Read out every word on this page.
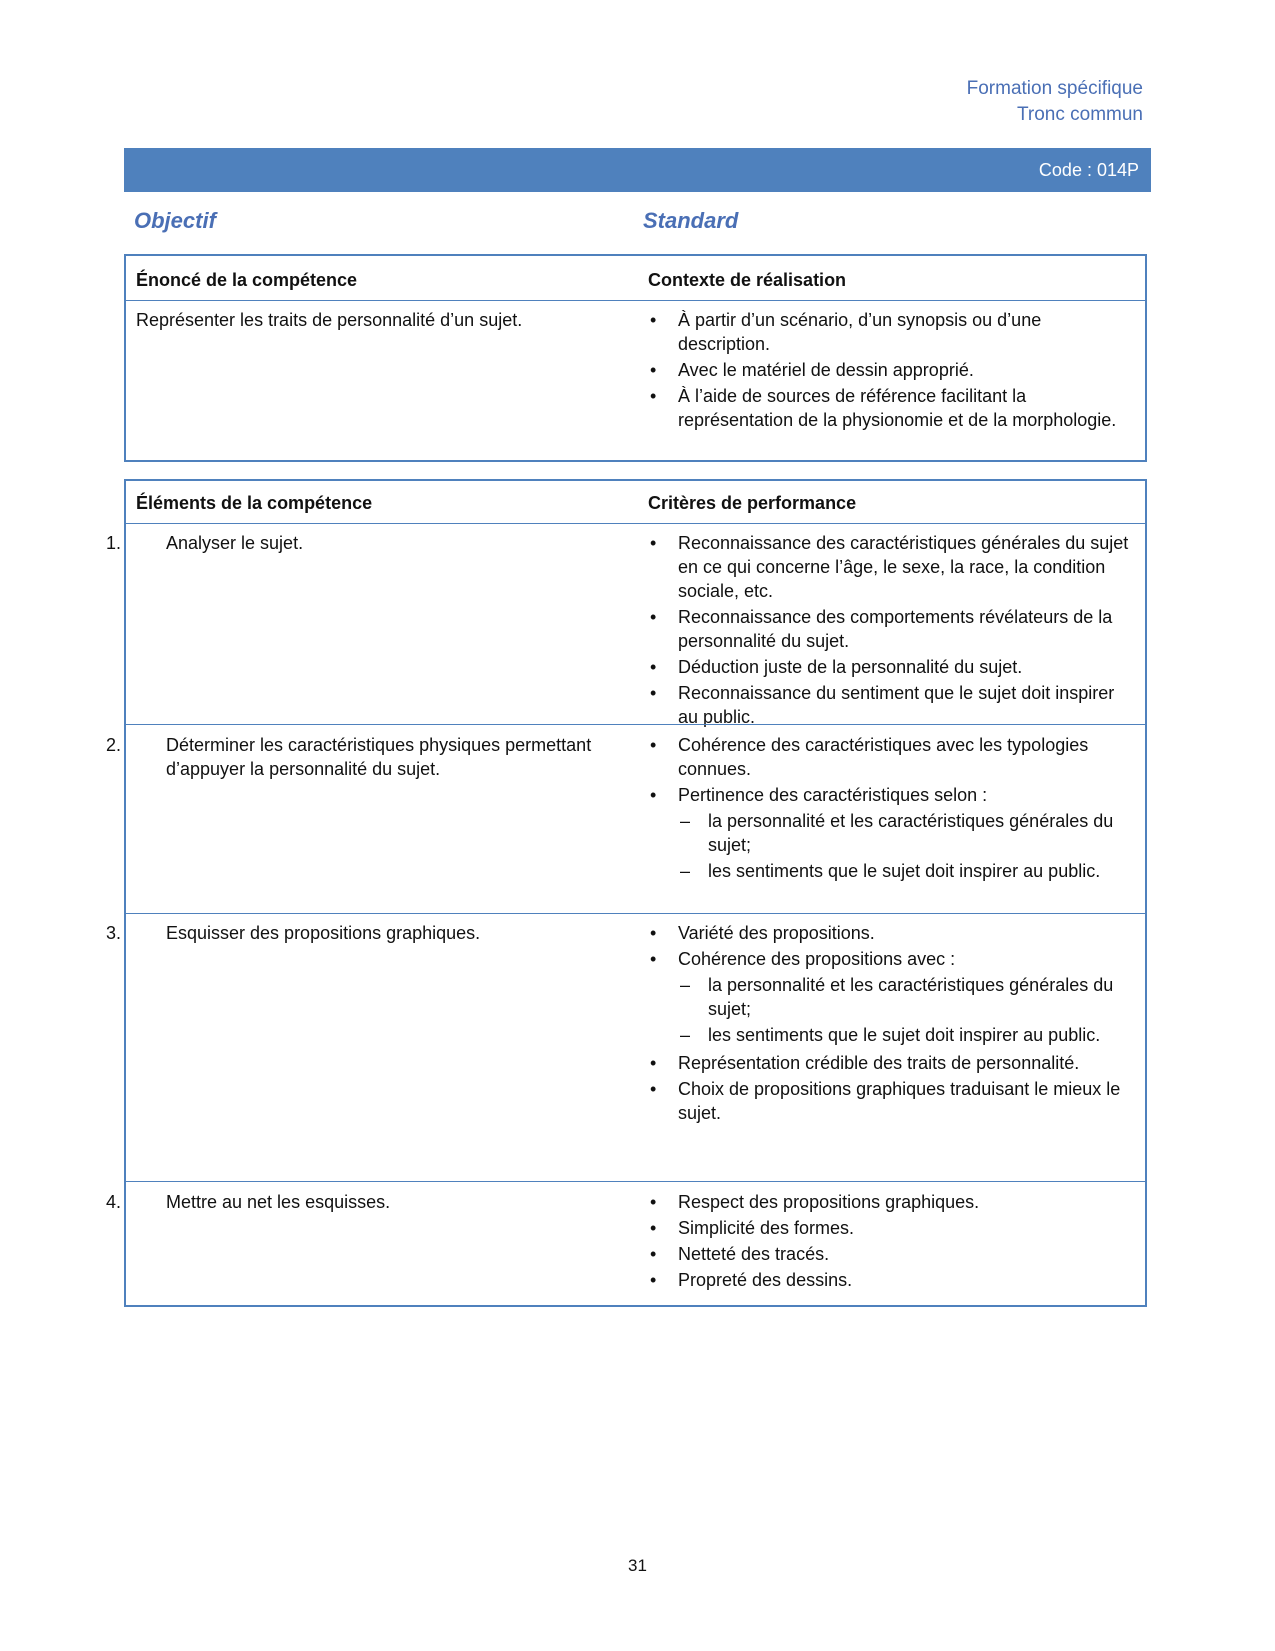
Formation spécifique
Tronc commun
Code : 014P
Objectif	Standard
Énoncé de la compétence	Contexte de réalisation
Représenter les traits de personnalité d’un sujet.	• À partir d’un scénario, d’un synopsis ou d’une description.
• Avec le matériel de dessin approprié.
• À l’aide de sources de référence facilitant la représentation de la physionomie et de la morphologie.
Éléments de la compétence	Critères de performance
1. Analyser le sujet.	• Reconnaissance des caractéristiques générales du sujet en ce qui concerne l’âge, le sexe, la race, la condition sociale, etc.
• Reconnaissance des comportements révélateurs de la personnalité du sujet.
• Déduction juste de la personnalité du sujet.
• Reconnaissance du sentiment que le sujet doit inspirer au public.
2. Déterminer les caractéristiques physiques permettant d’appuyer la personnalité du sujet.
• Cohérence des caractéristiques avec les typologies connues.
• Pertinence des caractéristiques selon :
– la personnalité et les caractéristiques générales du sujet;
– les sentiments que le sujet doit inspirer au public.
3. Esquisser des propositions graphiques.	• Variété des propositions.
• Cohérence des propositions avec :
– la personnalité et les caractéristiques générales du sujet;
– les sentiments que le sujet doit inspirer au public.
• Représentation crédible des traits de personnalité.
• Choix de propositions graphiques traduisant le mieux le sujet.
4. Mettre au net les esquisses.	• Respect des propositions graphiques.
• Simplicité des formes.
• Netteté des tracés.
• Propreté des dessins.
31
